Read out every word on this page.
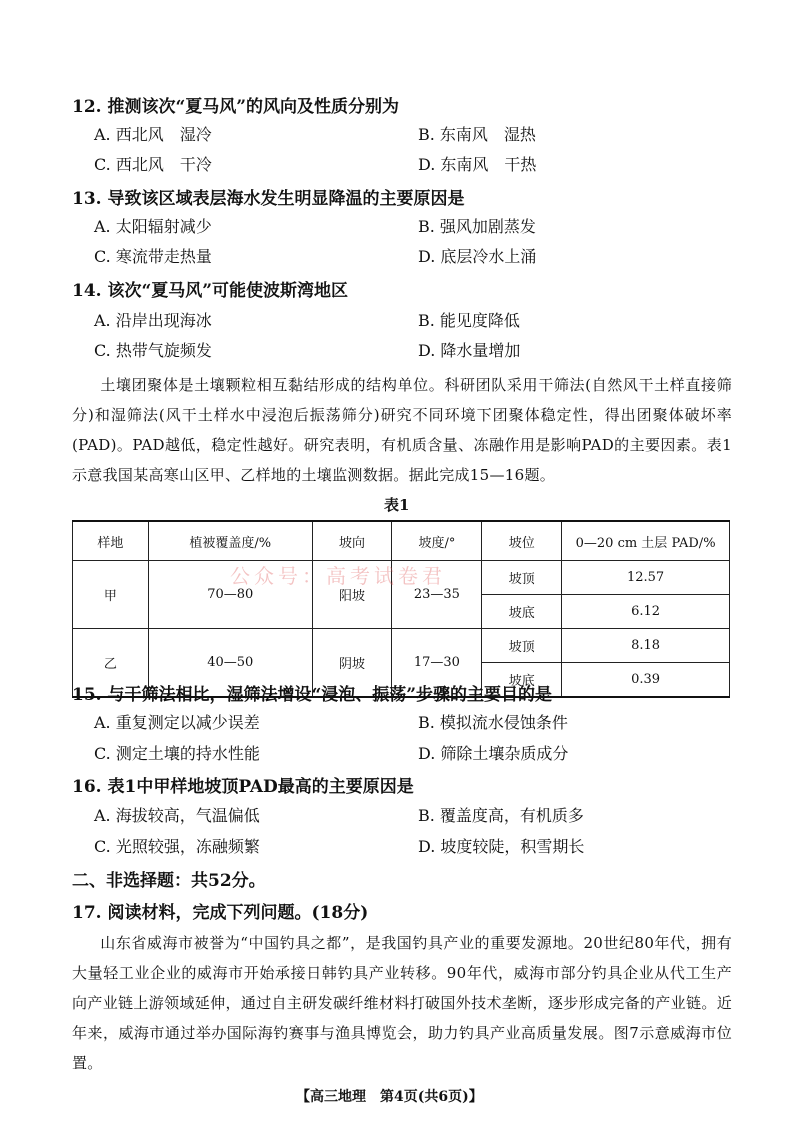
12. 推测该次“夏马风”的风向及性质分别为
A. 西北风　湿冷	B. 东南风　湿热
C. 西北风　干冷	D. 东南风　干热
13. 导致该区域表层海水发生明显降温的主要原因是
A. 太阳辐射减少	B. 强风加剧蒸发
C. 寒流带走热量	D. 底层冷水上涌
14. 该次“夏马风”可能使波斯湾地区
A. 沿岸出现海冰	B. 能见度降低
C. 热带气旋频发	D. 降水量增加
土壤团聚体是土壤颗粒相互黏结形成的结构单位。科研团队采用干筛法(自然风干土样直接筛分)和湿筛法(风干土样水中浸泡后振荡筛分)研究不同环境下团聚体稳定性，得出团聚体破坏率(PAD)。PAD越低，稳定性越好。研究表明，有机质含量、冻融作用是影响PAD的主要因素。表1示意我国某高寒山区甲、乙样地的土壤监测数据。据此完成15—16题。
表1
样地	植被覆盖度/%	坡向	坡度/°	坡位	0—20 cm 土层 PAD/%
甲	70—80	阳坡	23—35	坡顶	12.57
				坡底	6.12
乙	40—50	阴坡	17—30	坡顶	8.18
				坡底	0.39
公众号：高考试卷君
15. 与干筛法相比，湿筛法增设“浸泡、振荡”步骤的主要目的是
A. 重复测定以减少误差	B. 模拟流水侵蚀条件
C. 测定土壤的持水性能	D. 筛除土壤杂质成分
16. 表1中甲样地坡顶PAD最高的主要原因是
A. 海拔较高，气温偏低	B. 覆盖度高，有机质多
C. 光照较强，冻融频繁	D. 坡度较陡，积雪期长
二、非选择题：共52分。
17. 阅读材料，完成下列问题。(18分)
山东省威海市被誉为“中国钓具之都”，是我国钓具产业的重要发源地。20世纪80年代，拥有大量轻工业企业的威海市开始承接日韩钓具产业转移。90年代，威海市部分钓具企业从代工生产向产业链上游领域延伸，通过自主研发碳纤维材料打破国外技术垄断，逐步形成完备的产业链。近年来，威海市通过举办国际海钓赛事与渔具博览会，助力钓具产业高质量发展。图7示意威海市位置。
【高三地理　第4页(共6页)】
